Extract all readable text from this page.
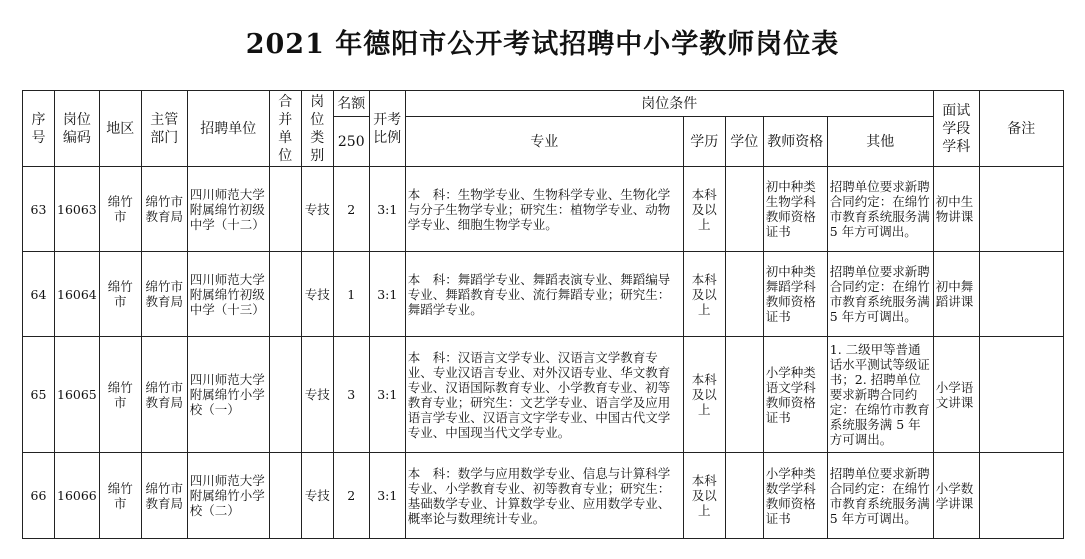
2021 年德阳市公开考试招聘中小学教师岗位表
序号	岗位编码	地区	主管部门	招聘单位	合并单位	岗位类别	名额	开考比例	岗位条件					面试学段学科	备注
							250		专业	学历	学位	教师资格	其他		
63	16063	绵竹市	绵竹市教育局	四川师范大学附属绵竹初级中学（十二）		专技	2	3:1	本　科：生物学专业、生物科学专业、生物化学与分子生物学专业；研究生：植物学专业、动物学专业、细胞生物学专业。	本科及以上		初中种类生物学科教师资格证书	招聘单位要求新聘合同约定：在绵竹市教育系统服务满 5 年方可调出。	初中生物讲课	
64	16064	绵竹市	绵竹市教育局	四川师范大学附属绵竹初级中学（十三）		专技	1	3:1	本　科：舞蹈学专业、舞蹈表演专业、舞蹈编导专业、舞蹈教育专业、流行舞蹈专业；研究生：舞蹈学专业。	本科及以上		初中种类舞蹈学科教师资格证书	招聘单位要求新聘合同约定：在绵竹市教育系统服务满 5 年方可调出。	初中舞蹈讲课	
65	16065	绵竹市	绵竹市教育局	四川师范大学附属绵竹小学校（一）		专技	3	3:1	本　科：汉语言文学专业、汉语言文学教育专业、专业汉语言专业、对外汉语专业、华文教育专业、汉语国际教育专业、小学教育专业、初等教育专业；研究生：文艺学专业、语言学及应用语言学专业、汉语言文字学专业、中国古代文学专业、中国现当代文学专业。	本科及以上		小学种类语文学科教师资格证书	1. 二级甲等普通话水平测试等级证书；2. 招聘单位要求新聘合同约定：在绵竹市教育系统服务满 5 年方可调出。	小学语文讲课	
66	16066	绵竹市	绵竹市教育局	四川师范大学附属绵竹小学校（二）		专技	2	3:1	本　科：数学与应用数学专业、信息与计算科学专业、小学教育专业、初等教育专业；研究生：基础数学专业、计算数学专业、应用数学专业、概率论与数理统计专业。	本科及以上		小学种类数学学科教师资格证书	招聘单位要求新聘合同约定：在绵竹市教育系统服务满 5 年方可调出。	小学数学讲课	
